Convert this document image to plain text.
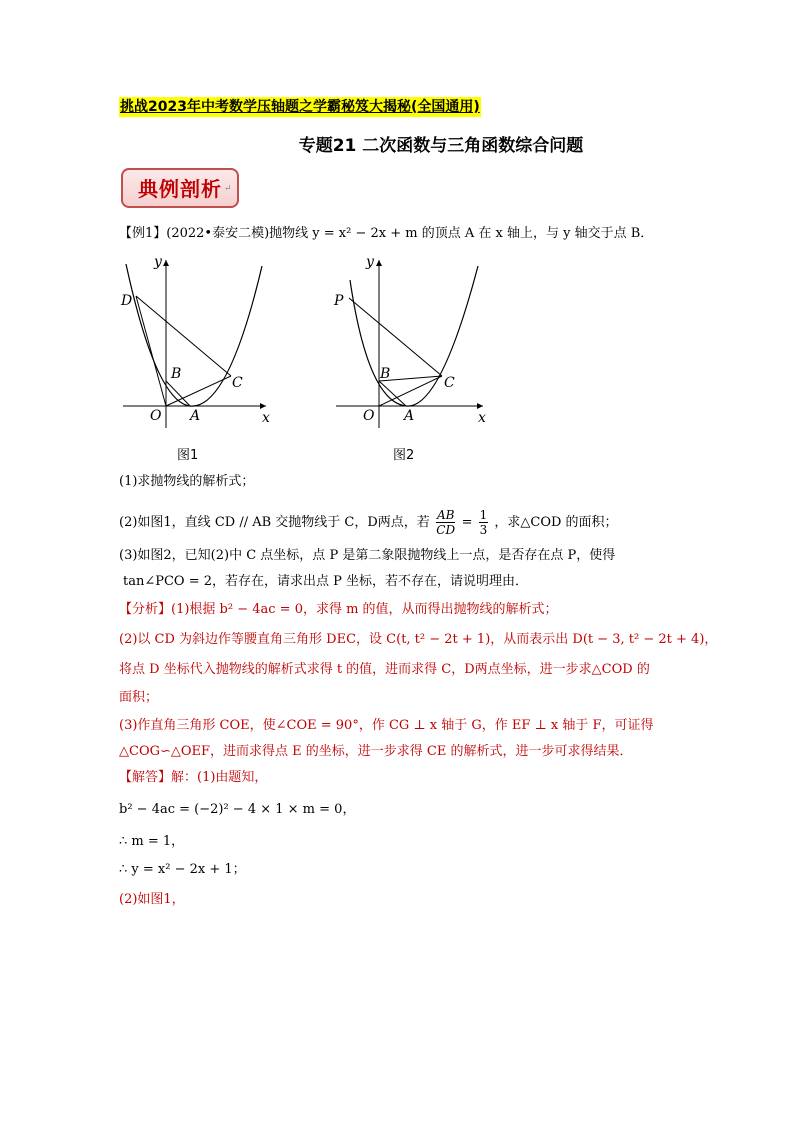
挑战2023年中考数学压轴题之学霸秘笈大揭秘(全国通用)
专题21 二次函数与三角函数综合问题
典例剖析 ↵
【例1】(2022•泰安二模)抛物线 y = x² − 2x + m 的顶点 A 在 x 轴上，与 y 轴交于点 B．
y
x
O A
B
C
D
图1
y
x
O A
B
C
P
图2
(1)求抛物线的解析式；
(2)如图1，直线 CD // AB 交抛物线于 C，D两点，若 $\frac{AB}{CD} = \frac{1}{3}$ ，求△COD 的面积；
(3)如图2，已知(2)中 C 点坐标，点 P 是第二象限抛物线上一点，是否存在点 P，使得
tan∠PCO = 2，若存在，请求出点 P 坐标，若不存在，请说明理由．
【分析】(1)根据 b² − 4ac = 0，求得 m 的值，从而得出抛物线的解析式；
(2)以 CD 为斜边作等腰直角三角形 DEC，设 C(t, t² − 2t + 1)，从而表示出 D(t − 3, t² − 2t + 4)，
将点 D 坐标代入抛物线的解析式求得 t 的值，进而求得 C，D两点坐标，进一步求△COD 的
面积；
(3)作直角三角形 COE，使∠COE = 90°，作 CG ⊥ x 轴于 G，作 EF ⊥ x 轴于 F，可证得
△COG∽△OEF，进而求得点 E 的坐标，进一步求得 CE 的解析式，进一步可求得结果．
【解答】解：(1)由题知，
b² − 4ac = (−2)² − 4 × 1 × m = 0，
∴ m = 1，
∴ y = x² − 2x + 1；
(2)如图1，
